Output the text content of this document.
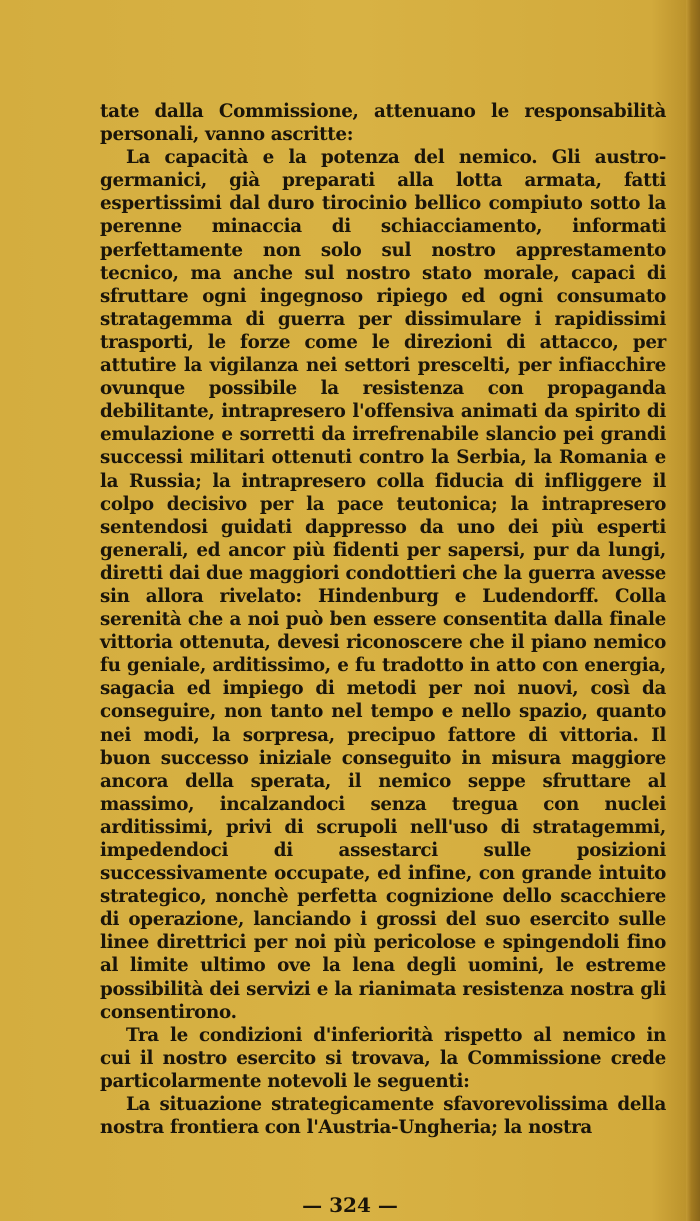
tate dalla Commissione, attenuano le responsabilità personali, vanno ascritte:

La capacità e la potenza del nemico. Gli austro-germanici, già preparati alla lotta armata, fatti espertissimi dal duro tirocinio bellico compiuto sotto la perenne minaccia di schiacciamento, informati perfettamente non solo sul nostro apprestamento tecnico, ma anche sul nostro stato morale, capaci di sfruttare ogni ingegnoso ripiego ed ogni consumato stratagemma di guerra per dissimulare i rapidissimi trasporti, le forze come le direzioni di attacco, per attutire la vigilanza nei settori prescelti, per infiacchire ovunque possibile la resistenza con propaganda debilitante, intrapresero l'offensiva animati da spirito di emulazione e sorretti da irrefrenabile slancio pei grandi successi militari ottenuti contro la Serbia, la Romania e la Russia; la intrapresero colla fiducia di infliggere il colpo decisivo per la pace teutonica; la intrapresero sentendosi guidati dappresso da uno dei più esperti generali, ed ancor più fidenti per sapersi, pur da lungi, diretti dai due maggiori condottieri che la guerra avesse sin allora rivelato: Hindenburg e Ludendorff. Colla serenità che a noi può ben essere consentita dalla finale vittoria ottenuta, devesi riconoscere che il piano nemico fu geniale, arditissimo, e fu tradotto in atto con energia, sagacia ed impiego di metodi per noi nuovi, così da conseguire, non tanto nel tempo e nello spazio, quanto nei modi, la sorpresa, precipuo fattore di vittoria. Il buon successo iniziale conseguito in misura maggiore ancora della sperata, il nemico seppe sfruttare al massimo, incalzandoci senza tregua con nuclei arditissimi, privi di scrupoli nell'uso di stratagemmi, impedendoci di assestarci sulle posizioni successivamente occupate, ed infine, con grande intuito strategico, nonchè perfetta cognizione dello scacchiere di operazione, lanciando i grossi del suo esercito sulle linee direttrici per noi più pericolose e spingendoli fino al limite ultimo ove la lena degli uomini, le estreme possibilità dei servizi e la rianimata resistenza nostra gli consentirono.

Tra le condizioni d'inferiorità rispetto al nemico in cui il nostro esercito si trovava, la Commissione crede particolarmente notevoli le seguenti:

La situazione strategicamente sfavorevolissima della nostra frontiera con l'Austria-Ungheria; la nostra

— 324 —
